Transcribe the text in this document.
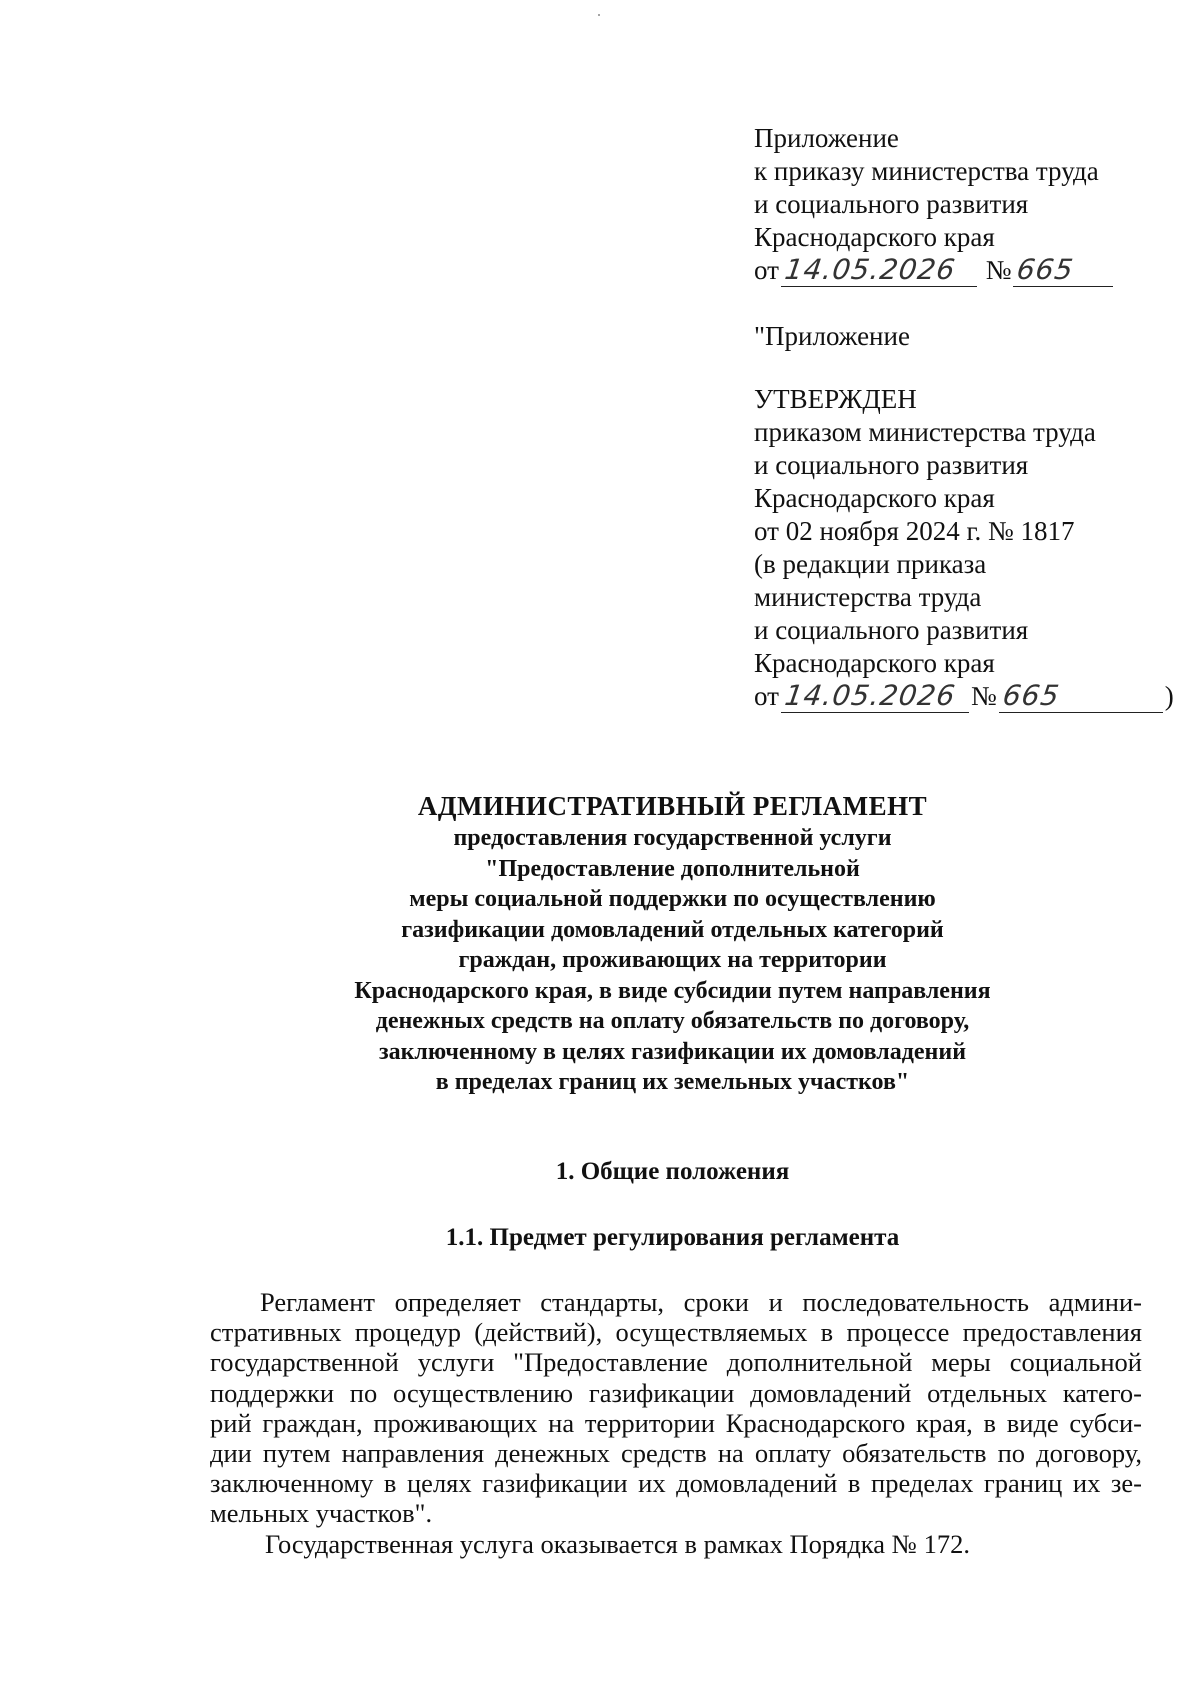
Приложение
к приказу министерства труда
и социального развития
Краснодарского края
от 14.05.2026 № 665
"Приложение
УТВЕРЖДЕН
приказом министерства труда
и социального развития
Краснодарского края
от 02 ноября 2024 г. № 1817
(в редакции приказа
министерства труда
и социального развития
Краснодарского края
от 14.05.2026 № 665	)
АДМИНИСТРАТИВНЫЙ РЕГЛАМЕНТ
предоставления государственной услуги
"Предоставление дополнительной
меры социальной поддержки по осуществлению
газификации домовладений отдельных категорий
граждан, проживающих на территории
Краснодарского края, в виде субсидии путем направления
денежных средств на оплату обязательств по договору,
заключенному в целях газификации их домовладений
в пределах границ их земельных участков"
1. Общие положения
1.1. Предмет регулирования регламента
Регламент определяет стандарты, сроки и последовательность админи-
стративных процедур (действий), осуществляемых в процессе предоставления
государственной услуги "Предоставление дополнительной меры социальной
поддержки по осуществлению газификации домовладений отдельных катего-
рий граждан, проживающих на территории Краснодарского края, в виде субси-
дии путем направления денежных средств на оплату обязательств по договору,
заключенному в целях газификации их домовладений в пределах границ их зе-
мельных участков".
Государственная услуга оказывается в рамках Порядка № 172.
